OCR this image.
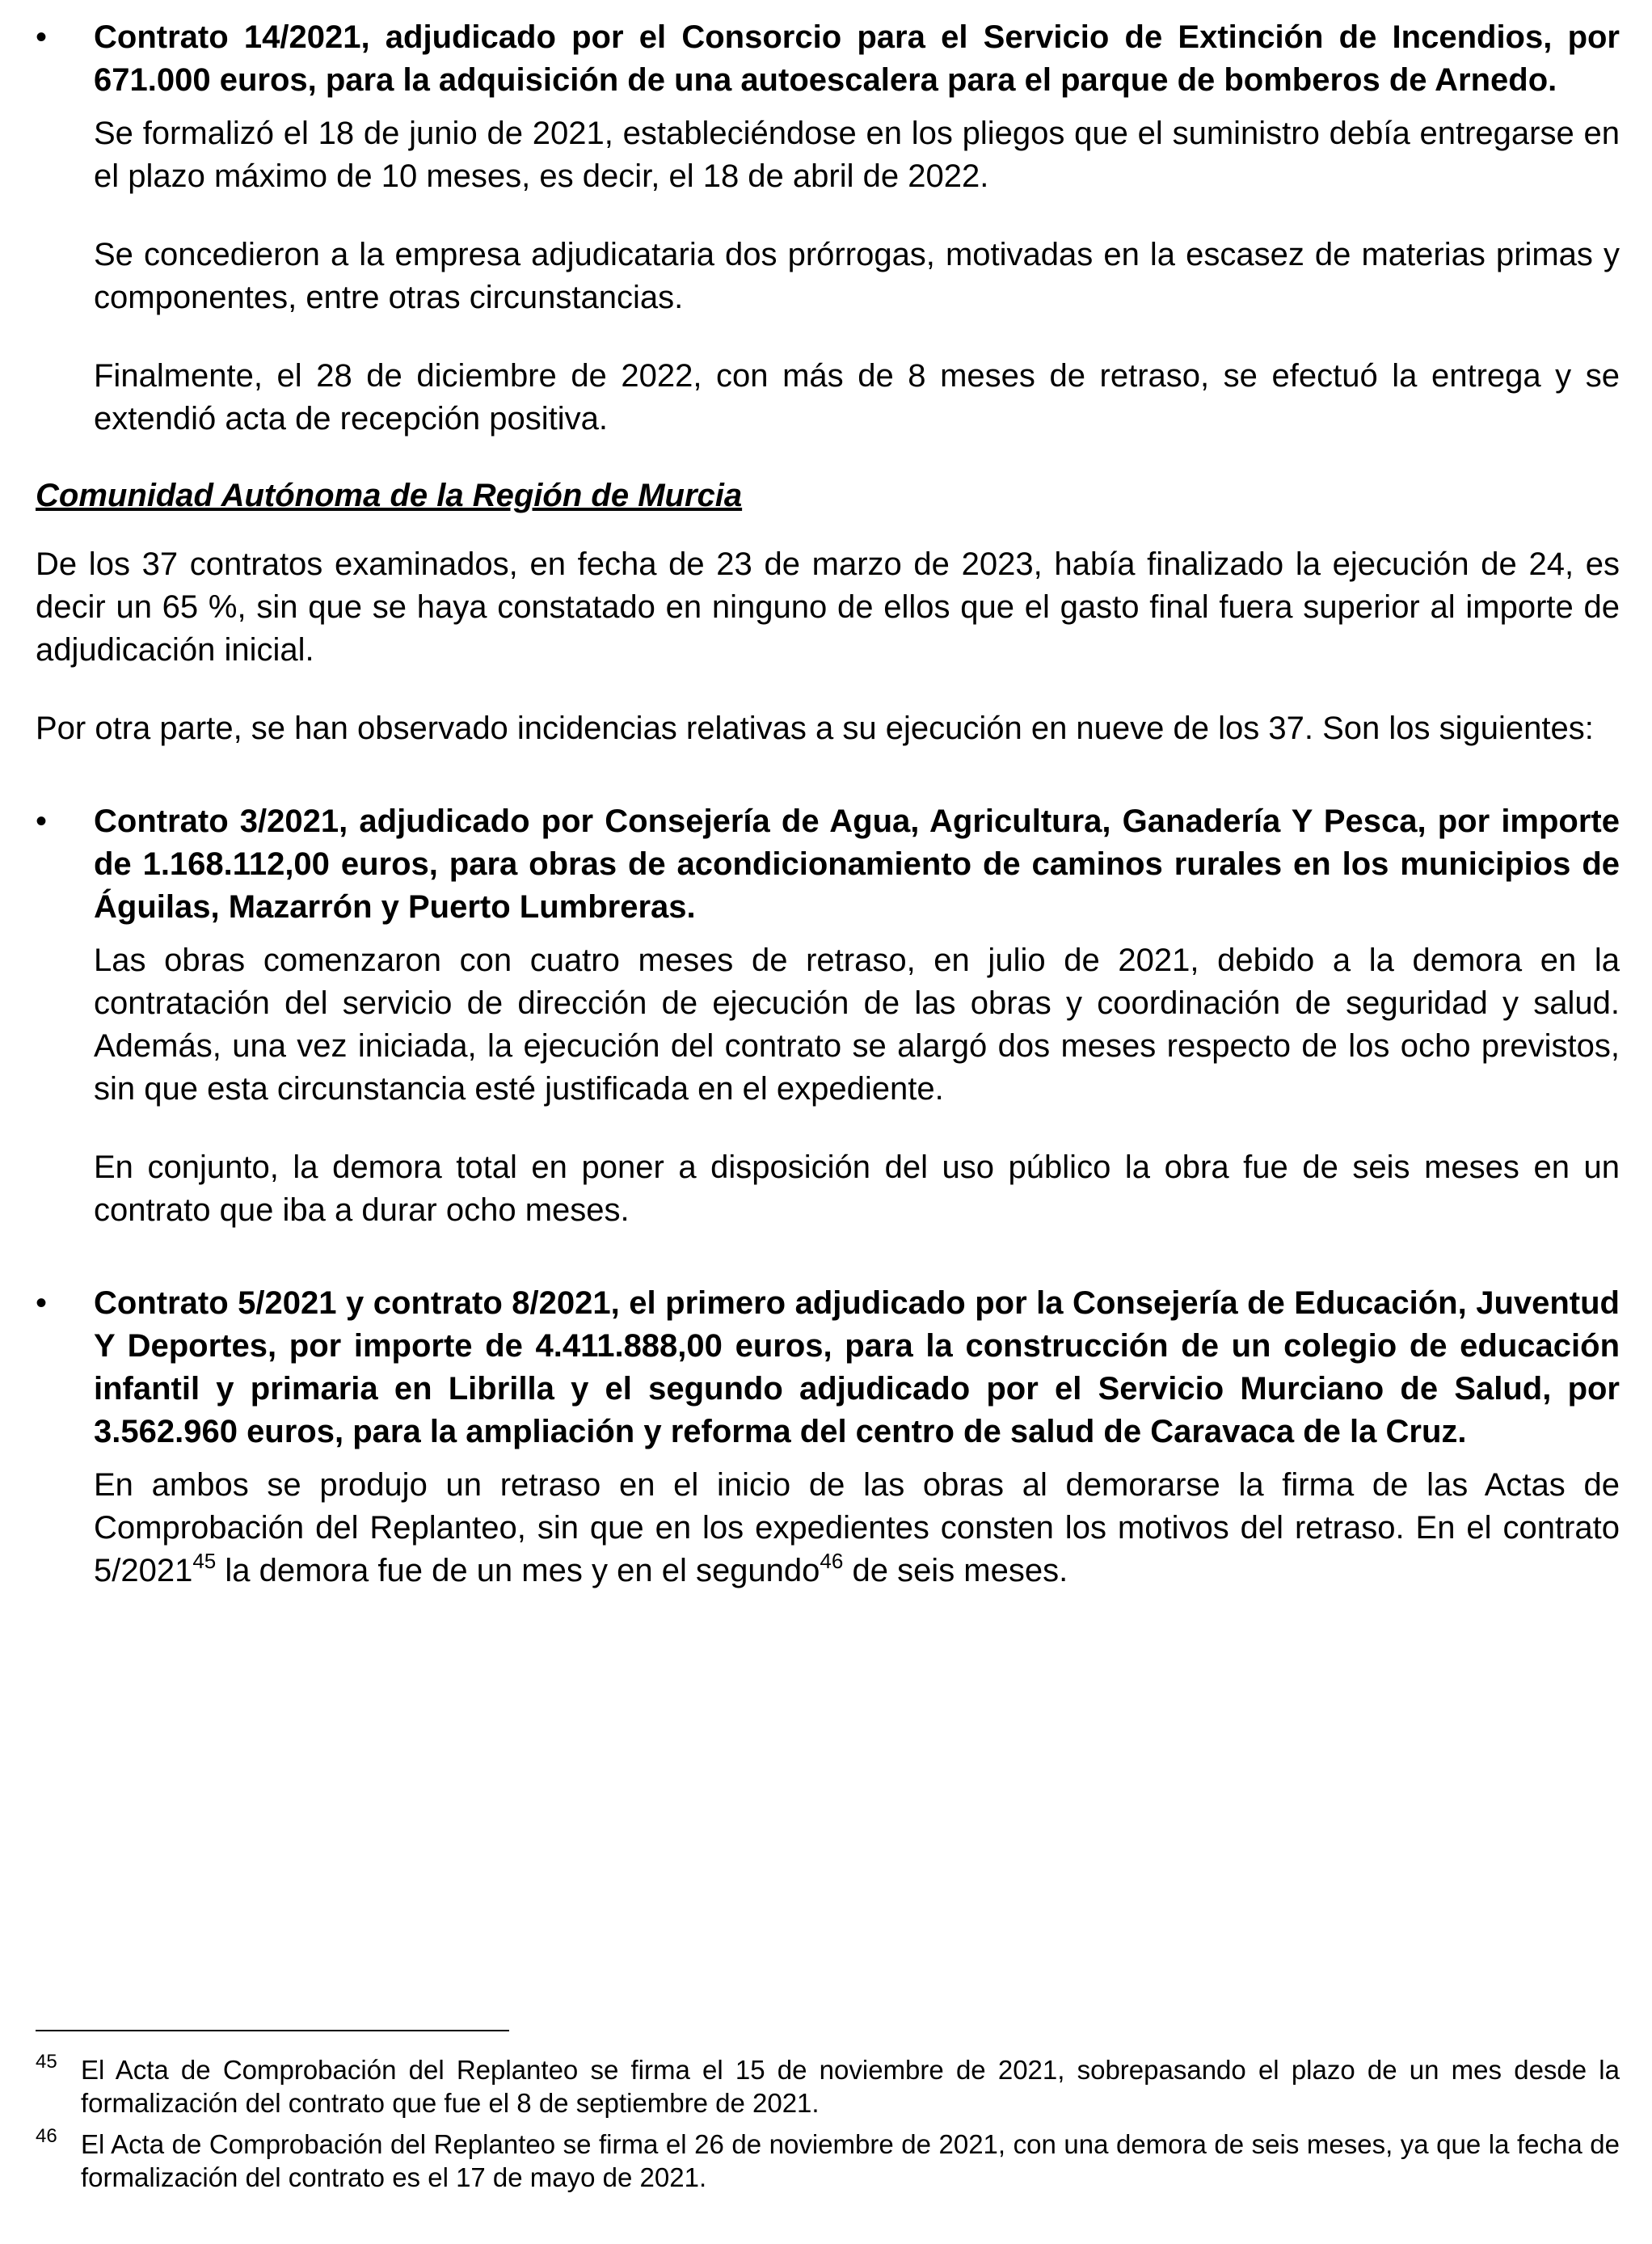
• Contrato 14/2021, adjudicado por el Consorcio para el Servicio de Extinción de Incendios, por 671.000 euros, para la adquisición de una autoescalera para el parque de bomberos de Arnedo.

Se formalizó el 18 de junio de 2021, estableciéndose en los pliegos que el suministro debía entregarse en el plazo máximo de 10 meses, es decir, el 18 de abril de 2022.

Se concedieron a la empresa adjudicataria dos prórrogas, motivadas en la escasez de materias primas y componentes, entre otras circunstancias.

Finalmente, el 28 de diciembre de 2022, con más de 8 meses de retraso, se efectuó la entrega y se extendió acta de recepción positiva.

Comunidad Autónoma de la Región de Murcia

De los 37 contratos examinados, en fecha de 23 de marzo de 2023, había finalizado la ejecución de 24, es decir un 65 %, sin que se haya constatado en ninguno de ellos que el gasto final fuera superior al importe de adjudicación inicial.

Por otra parte, se han observado incidencias relativas a su ejecución en nueve de los 37. Son los siguientes:

• Contrato 3/2021, adjudicado por Consejería de Agua, Agricultura, Ganadería Y Pesca, por importe de 1.168.112,00 euros, para obras de acondicionamiento de caminos rurales en los municipios de Águilas, Mazarrón y Puerto Lumbreras.

Las obras comenzaron con cuatro meses de retraso, en julio de 2021, debido a la demora en la contratación del servicio de dirección de ejecución de las obras y coordinación de seguridad y salud. Además, una vez iniciada, la ejecución del contrato se alargó dos meses respecto de los ocho previstos, sin que esta circunstancia esté justificada en el expediente.

En conjunto, la demora total en poner a disposición del uso público la obra fue de seis meses en un contrato que iba a durar ocho meses.

• Contrato 5/2021 y contrato 8/2021, el primero adjudicado por la Consejería de Educación, Juventud Y Deportes, por importe de 4.411.888,00 euros, para la construcción de un colegio de educación infantil y primaria en Librilla y el segundo adjudicado por el Servicio Murciano de Salud, por 3.562.960 euros, para la ampliación y reforma del centro de salud de Caravaca de la Cruz.

En ambos se produjo un retraso en el inicio de las obras al demorarse la firma de las Actas de Comprobación del Replanteo, sin que en los expedientes consten los motivos del retraso. En el contrato 5/2021$^{45}$ la demora fue de un mes y en el segundo$^{46}$ de seis meses.

45 El Acta de Comprobación del Replanteo se firma el 15 de noviembre de 2021, sobrepasando el plazo de un mes desde la formalización del contrato que fue el 8 de septiembre de 2021.

46 El Acta de Comprobación del Replanteo se firma el 26 de noviembre de 2021, con una demora de seis meses, ya que la fecha de formalización del contrato es el 17 de mayo de 2021.
